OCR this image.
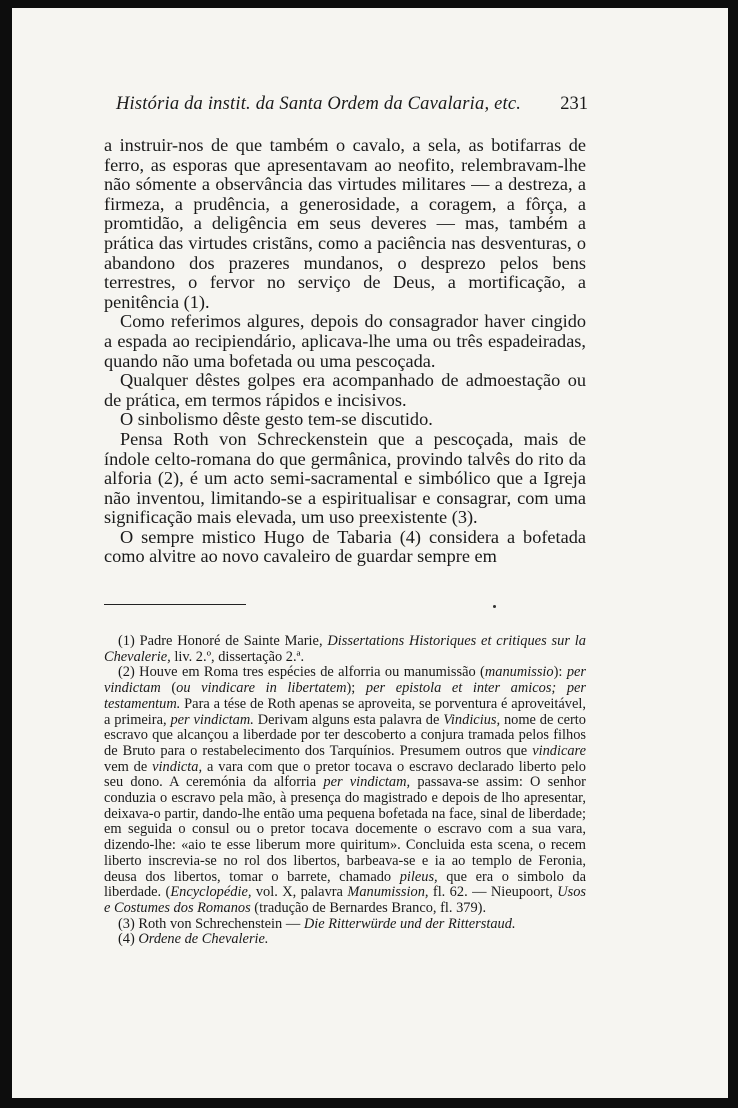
História da instit. da Santa Ordem da Cavalaria, etc. 231

a instruir-nos de que também o cavalo, a sela, as botifarras de ferro, as esporas que apresentavam ao neofito, relembravam-lhe não sómente a observância das virtudes militares — a destreza, a firmeza, a prudência, a generosidade, a coragem, a fôrça, a promtidão, a deligência em seus deveres — mas, também a prática das virtudes cristãns, como a paciência nas desventuras, o abandono dos prazeres mundanos, o desprezo pelos bens terrestres, o fervor no serviço de Deus, a mortificação, a penitência (1).

Como referimos algures, depois do consagrador haver cingido a espada ao recipiendário, aplicava-lhe uma ou três espadeiradas, quando não uma bofetada ou uma pescoçada.

Qualquer dêstes golpes era acompanhado de admoestação ou de prática, em termos rápidos e incisivos.

O sinbolismo dêste gesto tem-se discutido.

Pensa Roth von Schreckenstein que a pescoçada, mais de índole celto-romana do que germânica, provindo talvês do rito da alforia (2), é um acto semi-sacramental e simbólico que a Igreja não inventou, limitando-se a espiritualisar e consagrar, com uma significação mais elevada, um uso preexistente (3).

O sempre mistico Hugo de Tabaria (4) considera a bofetada como alvitre ao novo cavaleiro de guardar sempre em

(1) Padre Honoré de Sainte Marie, Dissertations Historiques et critiques sur la Chevalerie, liv. 2.º, dissertação 2.ª.

(2) Houve em Roma tres espécies de alforria ou manumissão (manumissio): per vindictam (ou vindicare in libertatem); per epistola et inter amicos; per testamentum. Para a tése de Roth apenas se aproveita, se porventura é aproveitável, a primeira, per vindictam. Derivam alguns esta palavra de Vindicius, nome de certo escravo que alcançou a liberdade por ter descoberto a conjura tramada pelos filhos de Bruto para o restabelecimento dos Tarquínios. Presumem outros que vindicare vem de vindicta, a vara com que o pretor tocava o escravo declarado liberto pelo seu dono. A ceremónia da alforria per vindictam, passava-se assim: O senhor conduzia o escravo pela mão, à presença do magistrado e depois de lho apresentar, deixava-o partir, dando-lhe então uma pequena bofetada na face, sinal de liberdade; em seguida o consul ou o pretor tocava docemente o escravo com a sua vara, dizendo-lhe: «aio te esse liberum more quiritum». Concluida esta scena, o recem liberto inscrevia-se no rol dos libertos, barbeava-se e ia ao templo de Feronia, deusa dos libertos, tomar o barrete, chamado pileus, que era o simbolo da liberdade. (Encyclopédie, vol. X, palavra Manumission, fl. 62. — Nieupoort, Usos e Costumes dos Romanos (tradução de Bernardes Branco, fl. 379).

(3) Roth von Schrechenstein — Die Ritterwürde und der Ritterstaud.

(4) Ordene de Chevalerie.
